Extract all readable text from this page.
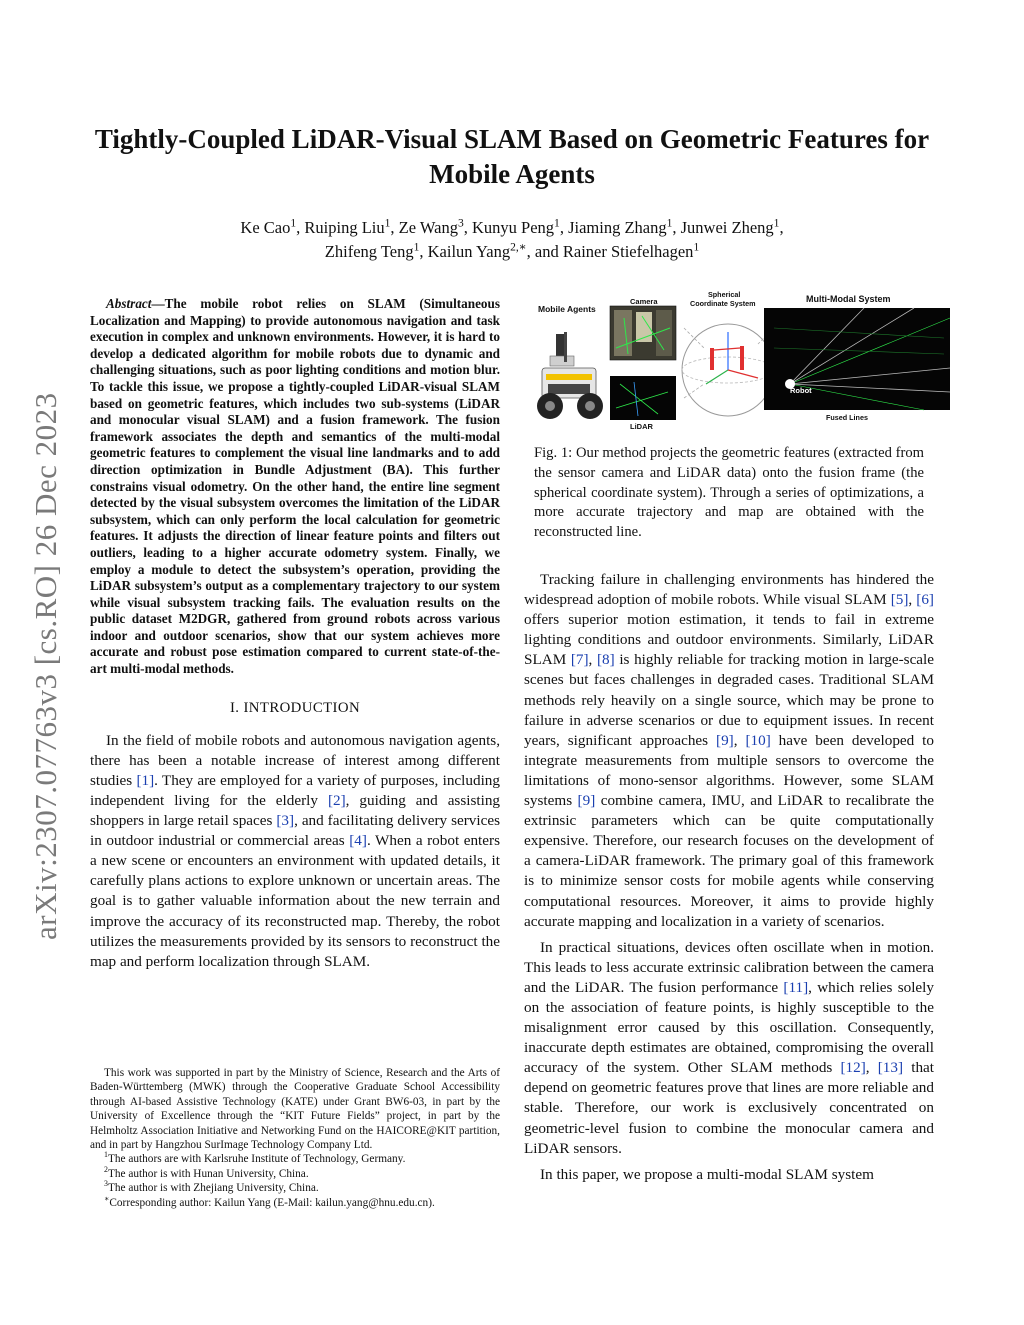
arXiv:2307.07763v3 [cs.RO] 26 Dec 2023
Tightly-Coupled LiDAR-Visual SLAM Based on Geometric Features for
Mobile Agents
Ke Cao$^1$, Ruiping Liu$^1$, Ze Wang$^3$, Kunyu Peng$^1$, Jiaming Zhang$^1$, Junwei Zheng$^1$,
Zhifeng Teng$^1$, Kailun Yang$^{2,∗}$, and Rainer Stiefelhagen$^1$

Abstract—The mobile robot relies on SLAM (Simultaneous Localization and Mapping) to provide autonomous navigation and task execution in complex and unknown environments. However, it is hard to develop a dedicated algorithm for mobile robots due to dynamic and challenging situations, such as poor lighting conditions and motion blur. To tackle this issue, we propose a tightly-coupled LiDAR-visual SLAM based on geometric features, which includes two sub-systems (LiDAR and monocular visual SLAM) and a fusion framework. The fusion framework associates the depth and semantics of the multi-modal geometric features to complement the visual line landmarks and to add direction optimization in Bundle Adjustment (BA). This further constrains visual odometry. On the other hand, the entire line segment detected by the visual subsystem overcomes the limitation of the LiDAR subsystem, which can only perform the local calculation for geometric features. It adjusts the direction of linear feature points and filters out outliers, leading to a higher accurate odometry system. Finally, we employ a module to detect the subsystem’s operation, providing the LiDAR subsystem’s output as a complementary trajectory to our system while visual subsystem tracking fails. The evaluation results on the public dataset M2DGR, gathered from ground robots across various indoor and outdoor scenarios, show that our system achieves more accurate and robust pose estimation compared to current state-of-the-art multi-modal methods.

I. INTRODUCTION

In the field of mobile robots and autonomous navigation agents, there has been a notable increase of interest among different studies [1]. They are employed for a variety of purposes, including independent living for the elderly [2], guiding and assisting shoppers in large retail spaces [3], and facilitating delivery services in outdoor industrial or commercial areas [4]. When a robot enters a new scene or encounters an environment with updated details, it carefully plans actions to explore unknown or uncertain areas. The goal is to gather valuable information about the new terrain and improve the accuracy of its reconstructed map. Thereby, the robot utilizes the measurements provided by its sensors to reconstruct the map and perform localization through SLAM.

This work was supported in part by the Ministry of Science, Research and the Arts of Baden-Württemberg (MWK) through the Cooperative Graduate School Accessibility through AI-based Assistive Technology (KATE) under Grant BW6-03, in part by the University of Excellence through the “KIT Future Fields” project, in part by the Helmholtz Association Initiative and Networking Fund on the HAICORE@KIT partition, and in part by Hangzhou SurImage Technology Company Ltd.

$^1$The authors are with Karlsruhe Institute of Technology, Germany.

$^2$The author is with Hunan University, China.

$^3$The author is with Zhejiang University, China.

∗Corresponding author: Kailun Yang (E-Mail: kailun.yang@hnu.edu.cn).

Mobile Agents
Camera
LiDAR
Spherical
Coordinate System	Multi-Modal System
Robot
Fused Lines
Fig. 1: Our method projects the geometric features (extracted from the sensor camera and LiDAR data) onto the fusion frame (the spherical coordinate system). Through a series of optimizations, a more accurate trajectory and map are obtained with the reconstructed line.

Tracking failure in challenging environments has hindered the widespread adoption of mobile robots. While visual SLAM [5], [6] offers superior motion estimation, it tends to fail in extreme lighting conditions and outdoor environments. Similarly, LiDAR SLAM [7], [8] is highly reliable for tracking motion in large-scale scenes but faces challenges in degraded cases. Traditional SLAM methods rely heavily on a single source, which may be prone to failure in adverse scenarios or due to equipment issues. In recent years, significant approaches [9], [10] have been developed to integrate measurements from multiple sensors to overcome the limitations of mono-sensor algorithms. However, some SLAM systems [9] combine camera, IMU, and LiDAR to recalibrate the extrinsic parameters which can be quite computationally expensive. Therefore, our research focuses on the development of a camera-LiDAR framework. The primary goal of this framework is to minimize sensor costs for mobile agents while conserving computational resources. Moreover, it aims to provide highly accurate mapping and localization in a variety of scenarios.

In practical situations, devices often oscillate when in motion. This leads to less accurate extrinsic calibration between the camera and the LiDAR. The fusion performance [11], which relies solely on the association of feature points, is highly susceptible to the misalignment error caused by this oscillation. Consequently, inaccurate depth estimates are obtained, compromising the overall accuracy of the system. Other SLAM methods [12], [13] that depend on geometric features prove that lines are more reliable and stable. Therefore, our work is exclusively concentrated on geometric-level fusion to combine the monocular camera and LiDAR sensors.

In this paper, we propose a multi-modal SLAM system
